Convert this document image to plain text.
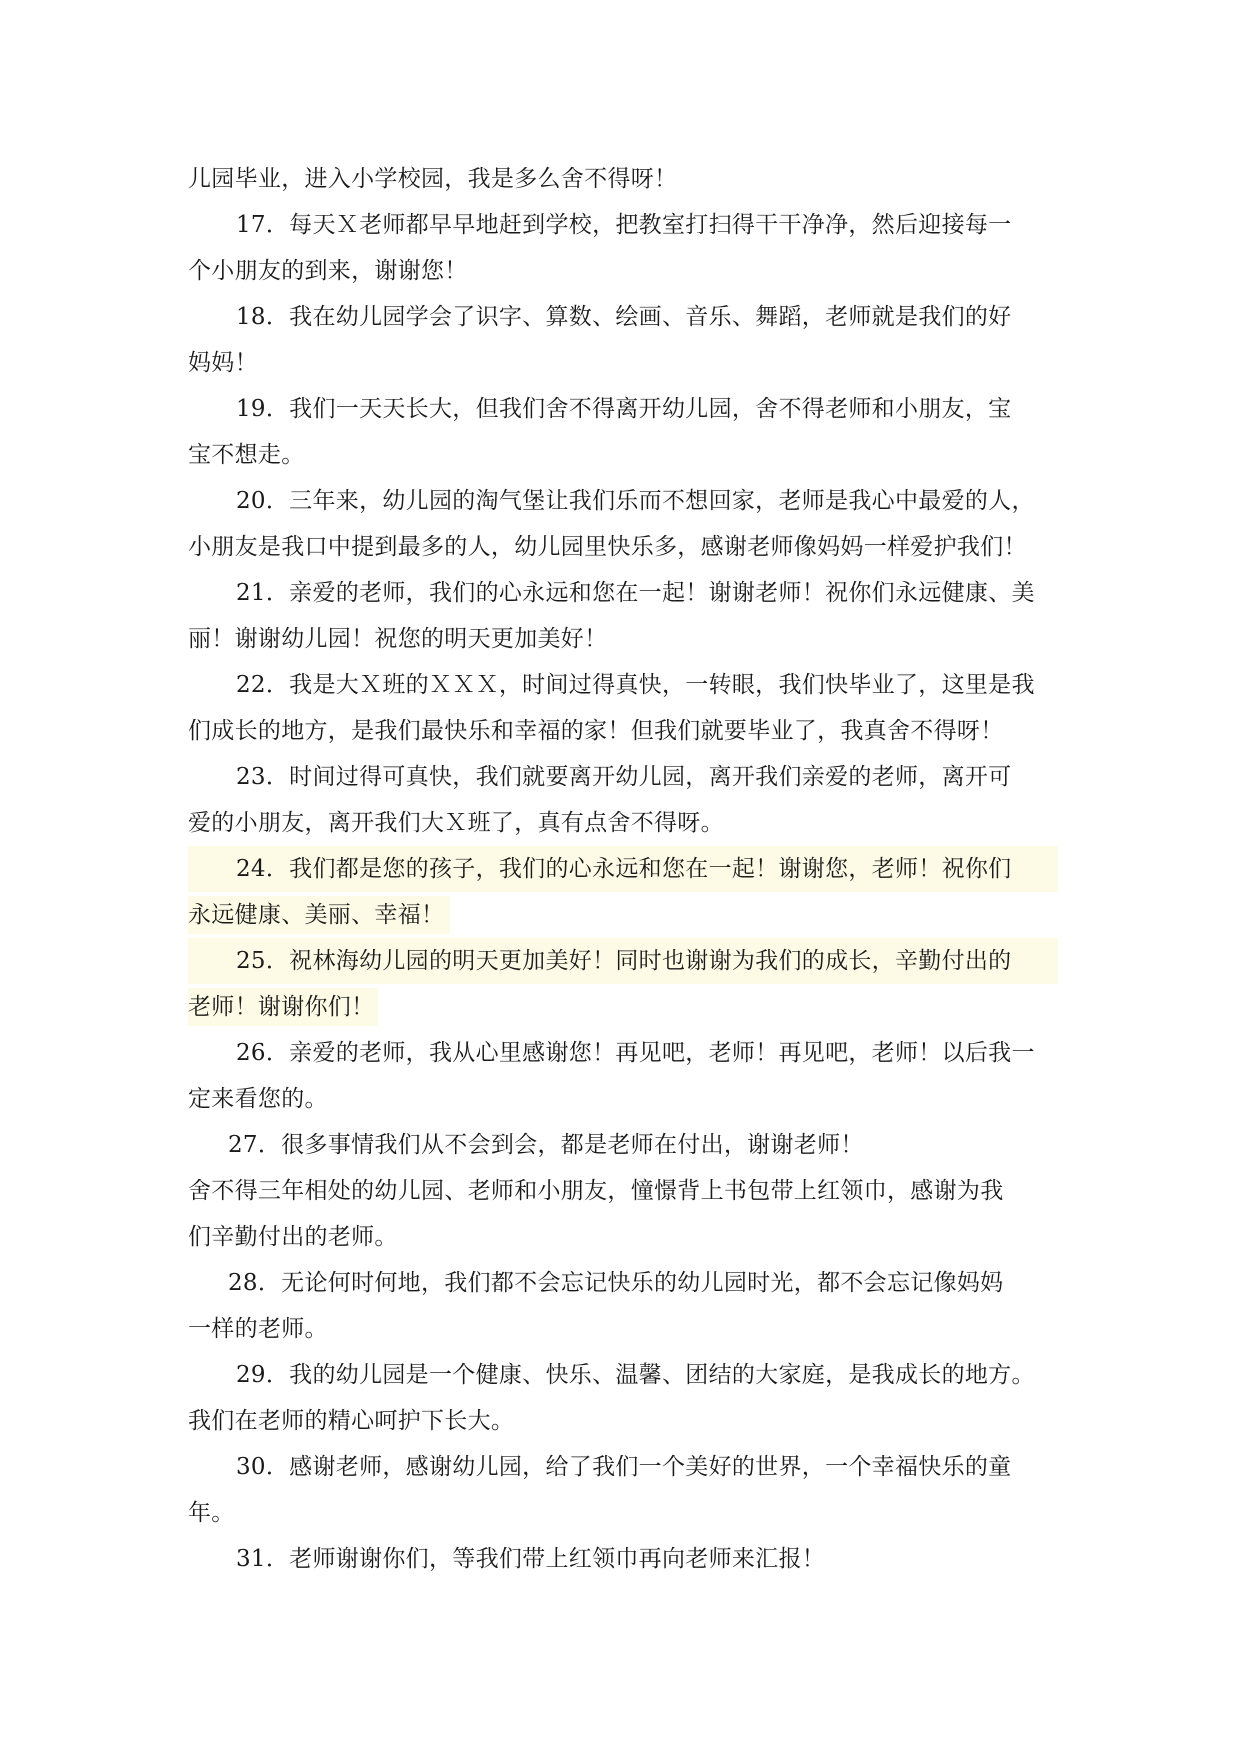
儿园毕业，进入小学校园，我是多么舍不得呀！
17．每天Ｘ老师都早早地赶到学校，把教室打扫得干干净净，然后迎接每一
个小朋友的到来，谢谢您！
18．我在幼儿园学会了识字、算数、绘画、音乐、舞蹈，老师就是我们的好
妈妈！
19．我们一天天长大，但我们舍不得离开幼儿园，舍不得老师和小朋友，宝
宝不想走。
20．三年来，幼儿园的淘气堡让我们乐而不想回家，老师是我心中最爱的人，
小朋友是我口中提到最多的人，幼儿园里快乐多，感谢老师像妈妈一样爱护我们！
21．亲爱的老师，我们的心永远和您在一起！谢谢老师！祝你们永远健康、美
丽！谢谢幼儿园！祝您的明天更加美好！
22．我是大Ｘ班的ＸＸＸ，时间过得真快，一转眼，我们快毕业了，这里是我
们成长的地方，是我们最快乐和幸福的家！但我们就要毕业了，我真舍不得呀！
23．时间过得可真快，我们就要离开幼儿园，离开我们亲爱的老师，离开可
爱的小朋友，离开我们大Ｘ班了，真有点舍不得呀。
24．我们都是您的孩子，我们的心永远和您在一起！谢谢您，老师！祝你们
永远健康、美丽、幸福！
25．祝林海幼儿园的明天更加美好！同时也谢谢为我们的成长，辛勤付出的
老师！谢谢你们！
26．亲爱的老师，我从心里感谢您！再见吧，老师！再见吧，老师！以后我一
定来看您的。
27．很多事情我们从不会到会，都是老师在付出，谢谢老师！
舍不得三年相处的幼儿园、老师和小朋友，憧憬背上书包带上红领巾，感谢为我
们辛勤付出的老师。
28．无论何时何地，我们都不会忘记快乐的幼儿园时光，都不会忘记像妈妈
一样的老师。
29．我的幼儿园是一个健康、快乐、温馨、团结的大家庭，是我成长的地方。
我们在老师的精心呵护下长大。
30．感谢老师，感谢幼儿园，给了我们一个美好的世界，一个幸福快乐的童
年。
31．老师谢谢你们，等我们带上红领巾再向老师来汇报！
